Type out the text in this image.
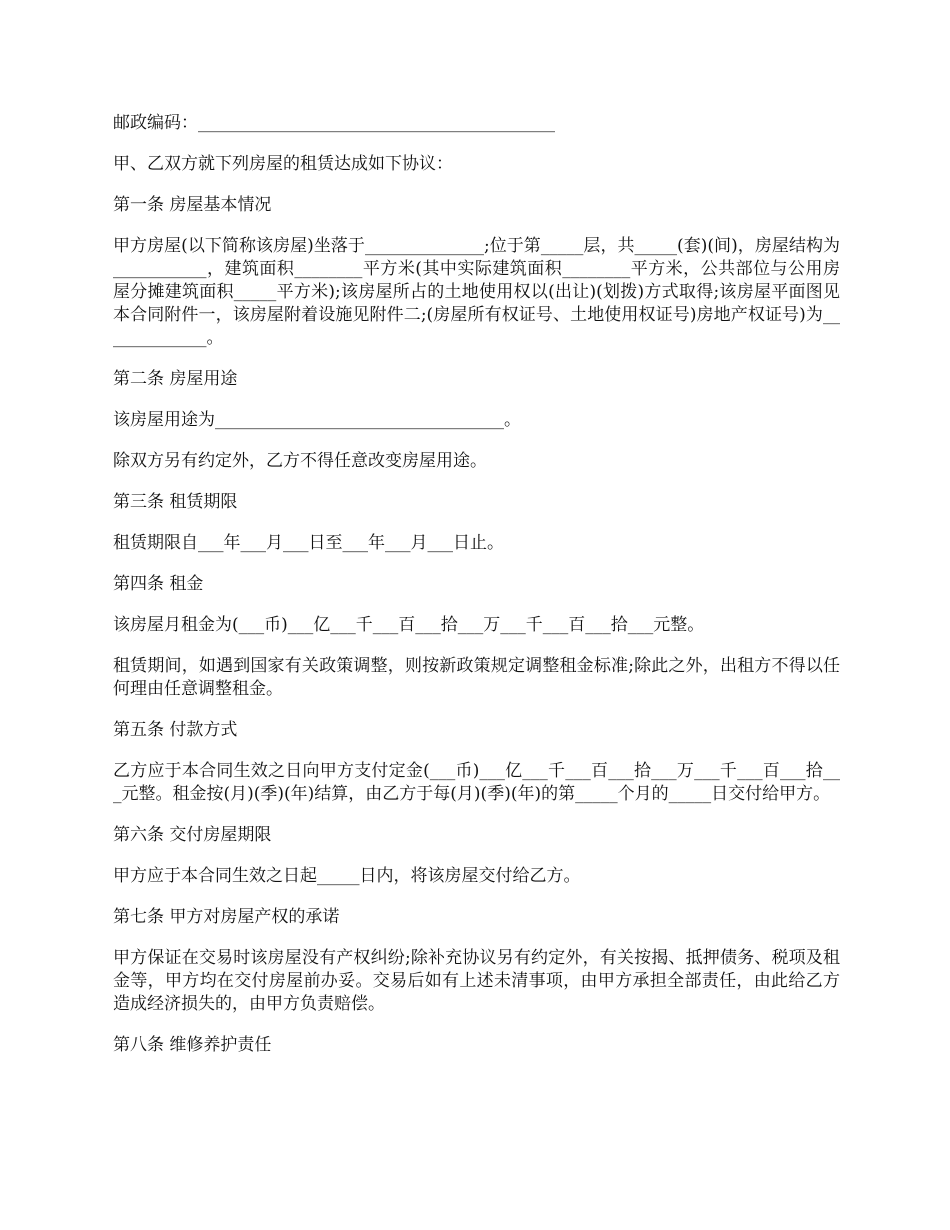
邮政编码：__________________________________________

甲、乙双方就下列房屋的租赁达成如下协议：

第一条 房屋基本情况

甲方房屋(以下简称该房屋)坐落于______________;位于第_____层，共_____(套)(间)，房屋结构为___________，建筑面积________平方米(其中实际建筑面积________平方米，公共部位与公用房屋分摊建筑面积_____平方米);该房屋所占的土地使用权以(出让)(划拨)方式取得;该房屋平面图见本合同附件一，该房屋附着设施见附件二;(房屋所有权证号、土地使用权证号)房地产权证号)为_____________。

第二条 房屋用途

该房屋用途为__________________________________。

除双方另有约定外，乙方不得任意改变房屋用途。

第三条 租赁期限

租赁期限自___年___月___日至___年___月___日止。

第四条 租金

该房屋月租金为(___币)___亿___千___百___拾___万___千___百___拾___元整。

租赁期间，如遇到国家有关政策调整，则按新政策规定调整租金标准;除此之外，出租方不得以任何理由任意调整租金。

第五条 付款方式

乙方应于本合同生效之日向甲方支付定金(___币)___亿___千___百___拾___万___千___百___拾___元整。租金按(月)(季)(年)结算，由乙方于每(月)(季)(年)的第_____个月的_____日交付给甲方。

第六条 交付房屋期限

甲方应于本合同生效之日起_____日内，将该房屋交付给乙方。

第七条 甲方对房屋产权的承诺

甲方保证在交易时该房屋没有产权纠纷;除补充协议另有约定外，有关按揭、抵押债务、税项及租金等，甲方均在交付房屋前办妥。交易后如有上述未清事项，由甲方承担全部责任，由此给乙方造成经济损失的，由甲方负责赔偿。

第八条 维修养护责任
